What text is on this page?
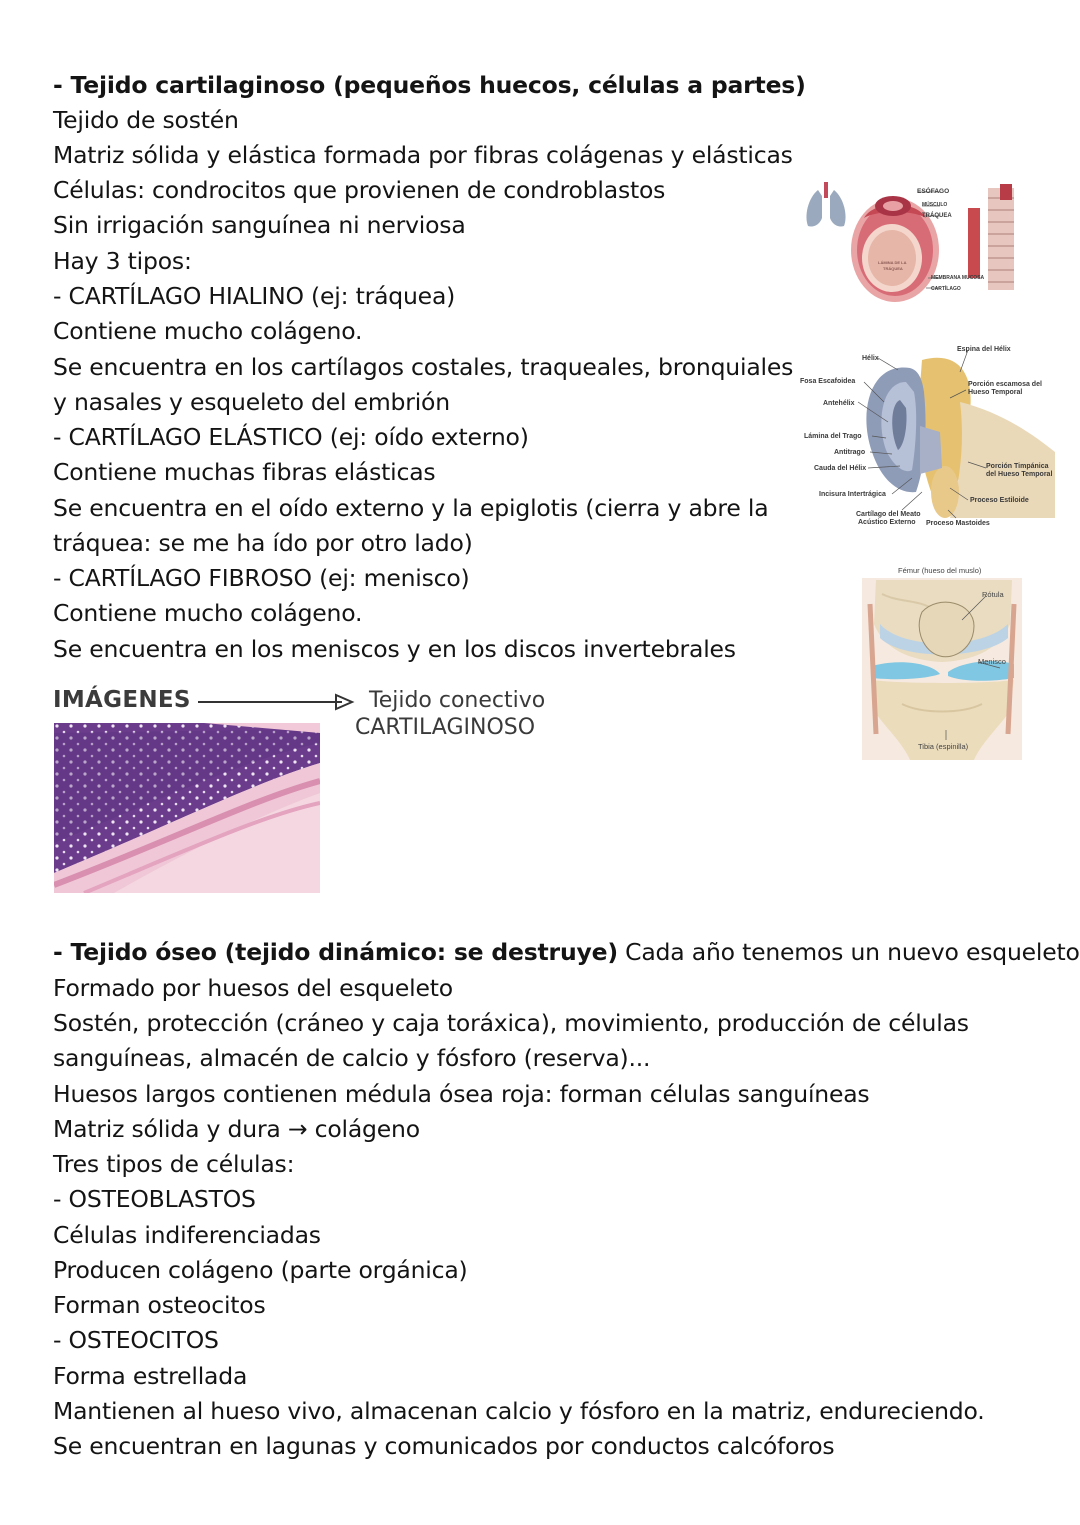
- Tejido cartilaginoso (pequeños huecos, células a partes)
Tejido de sostén
Matriz sólida y elástica formada por fibras colágenas y elásticas
Células: condrocitos que provienen de condroblastos
Sin irrigación sanguínea ni nerviosa
Hay 3 tipos:
- CARTÍLAGO HIALINO (ej: tráquea)
Contiene mucho colágeno.
Se encuentra en los cartílagos costales, traqueales, bronquiales
y nasales y esqueleto del embrión
- CARTÍLAGO ELÁSTICO (ej: oído externo)
Contiene muchas fibras elásticas
Se encuentra en el oído externo y la epiglotis (cierra y abre la
tráquea: se me ha ído por otro lado)
- CARTÍLAGO FIBROSO (ej: menisco)
Contiene mucho colágeno.
Se encuentra en los meniscos y en los discos invertebrales
ESÓFAGO
MÚSCULO
TRÁQUEA
MEMBRANA MUCOSA
CARTÍLAGO
LÁMINA DE LA
TRÁQUEA
Espina del Hélix
Hélix
Fosa Escafoidea
Antehélix
Porción escamosa del
Hueso Temporal
Lámina del Trago
Antitrago
Cauda del Hélix	Porción Timpánica
del Hueso Temporal
Incisura Intertrágica
Proceso Estiloide
Cartílago del Meato
Acústico Externo Proceso Mastoides
Fémur (hueso del muslo)
Rótula
Menisco
Tibia (espinilla)
IMÁGENES	Tejido conectivo
CARTILAGINOSO
- Tejido óseo (tejido dinámico: se destruye) Cada año tenemos un nuevo esqueleto
Formado por huesos del esqueleto
Sostén, protección (cráneo y caja toráxica), movimiento, producción de células
sanguíneas, almacén de calcio y fósforo (reserva)...
Huesos largos contienen médula ósea roja: forman células sanguíneas
Matriz sólida y dura → colágeno
Tres tipos de células:
- OSTEOBLASTOS
Células indiferenciadas
Producen colágeno (parte orgánica)
Forman osteocitos
- OSTEOCITOS
Forma estrellada
Mantienen al hueso vivo, almacenan calcio y fósforo en la matriz, endureciendo.
Se encuentran en lagunas y comunicados por conductos calcóforos
